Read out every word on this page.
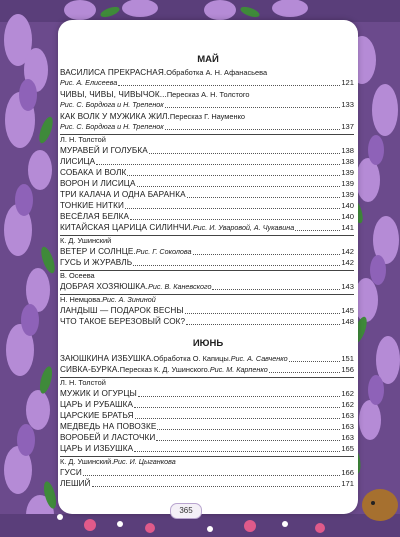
МАЙ
ВАСИЛИСА ПРЕКРАСНАЯ. Обработка А. Н. Афанасьева
Рис. А. Елисеева	121
ЧИВЫ, ЧИВЫ, ЧИВЫЧОК... Пересказ А. Н. Толстого
Рис. С. Бордюга и Н. Трепенок	133
КАК ВОЛК У МУЖИКА ЖИЛ. Пересказ Г. Науменко
Рис. С. Бордюга и Н. Трепенок	137
Л. Н. Толстой
МУРАВЕЙ И ГОЛУБКА	138
ЛИСИЦА	138
СОБАКА И ВОЛК	139
ВОРОН И ЛИСИЦА	139
ТРИ КАЛАЧА И ОДНА БАРАНКА	139
ТОНКИЕ НИТКИ	140
ВЕСЁЛАЯ БЕЛКА	140
КИТАЙСКАЯ ЦАРИЦА СИЛИНЧИ. Рис. И. Уваровой, А. Чукавина	141
К. Д. Ушинский
ВЕТЕР И СОЛНЦЕ. Рис. Г. Соколова	142
ГУСЬ И ЖУРАВЛЬ	142
В. Осеева
ДОБРАЯ ХОЗЯЮШКА. Рис. В. Каневского	143
Н. Немцова. Рис. А. Зининой
ЛАНДЫШ — ПОДАРОК ВЕСНЫ	145
ЧТО ТАКОЕ БЕРЕЗОВЫЙ СОК?	148
ИЮНЬ
ЗАЮШКИНА ИЗБУШКА. Обработка О. Капицы. Рис. А. Савченко	151
СИВКА-БУРКА. Пересказ К. Д. Ушинского. Рис. М. Карпенко	156
Л. Н. Толстой
МУЖИК И ОГУРЦЫ	162
ЦАРЬ И РУБАШКА	162
ЦАРСКИЕ БРАТЬЯ	163
МЕДВЕДЬ НА ПОВОЗКЕ	163
ВОРОБЕЙ И ЛАСТОЧКИ	163
ЦАРЬ И ИЗБУШКА	165
К. Д. Ушинский. Рис. И. Цыганкова
ГУСИ	166
ЛЕШИЙ	171
365
